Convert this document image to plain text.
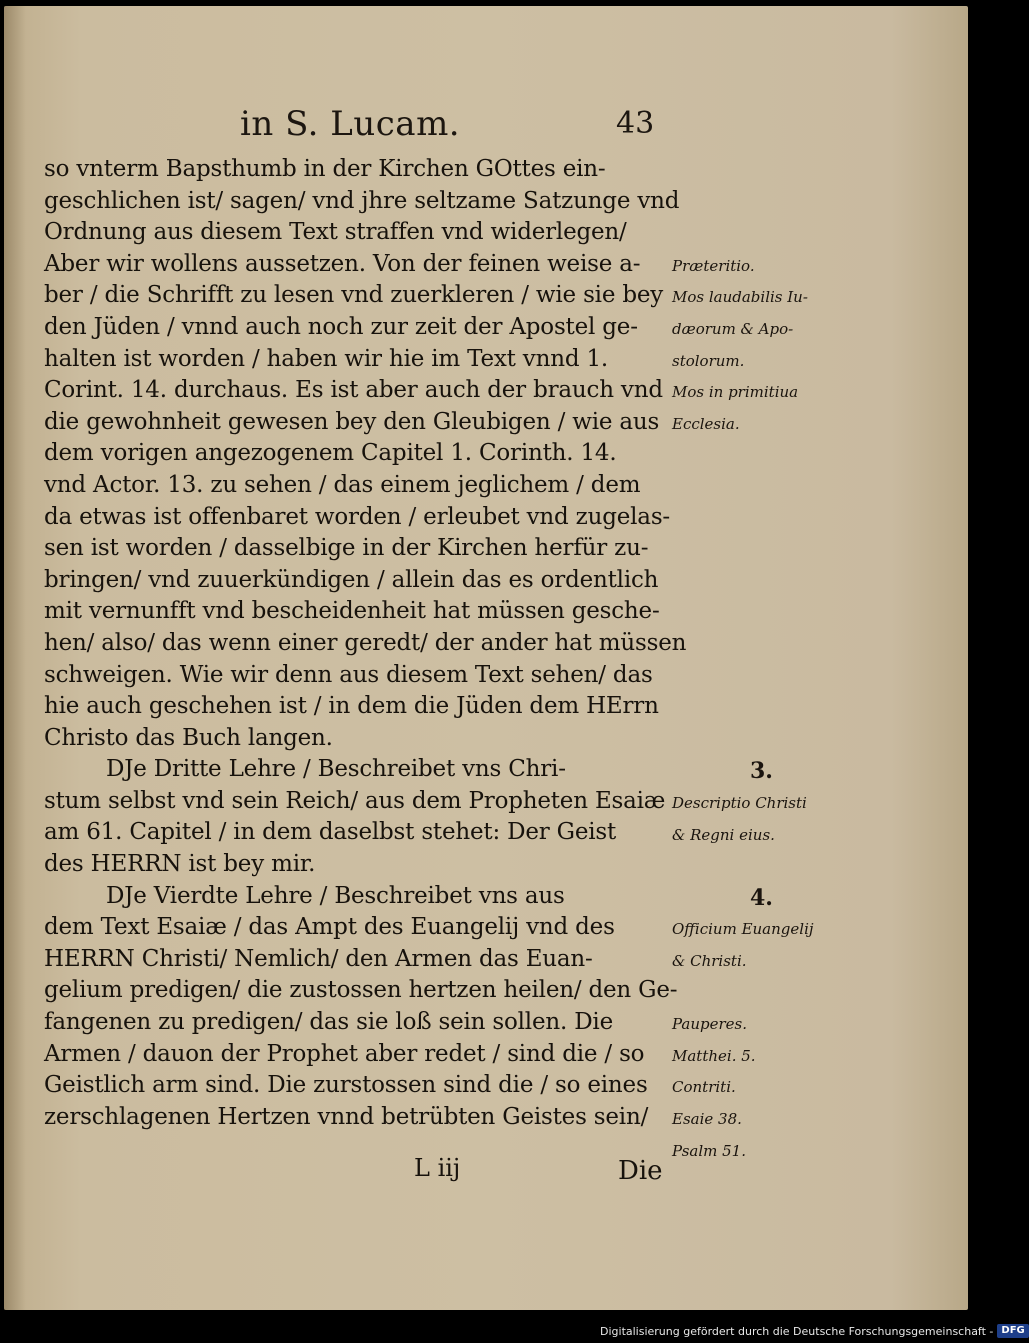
in S. Lucam.	43
so vnterm Bapsthumb in der Kirchen GOttes ein-
geschlichen ist/ sagen/ vnd jhre seltzame Satzunge vnd
Ordnung aus diesem Text straffen vnd widerlegen/
Aber wir wollens aussetzen. Von der feinen weise a-
ber / die Schrifft zu lesen vnd zuerkleren / wie sie bey
den Jüden / vnnd auch noch zur zeit der Apostel ge-
halten ist worden / haben wir hie im Text vnnd 1.
Corint. 14. durchaus. Es ist aber auch der brauch vnd
die gewohnheit gewesen bey den Gleubigen / wie aus
dem vorigen angezogenem Capitel 1. Corinth. 14.
vnd Actor. 13. zu sehen / das einem jeglichem / dem
da etwas ist offenbaret worden / erleubet vnd zugelas-
sen ist worden / dasselbige in der Kirchen herfür zu-
bringen/ vnd zuuerkündigen / allein das es ordentlich
mit vernunfft vnd bescheidenheit hat müssen gesche-
hen/ also/ das wenn einer geredt/ der ander hat müssen
schweigen. Wie wir denn aus diesem Text sehen/ das
hie auch geschehen ist / in dem die Jüden dem HErrn
Christo das Buch langen.
DJe Dritte Lehre / Beschreibet vns Chri-
stum selbst vnd sein Reich/ aus dem Propheten Esaiæ
am 61. Capitel / in dem daselbst stehet: Der Geist
des HERRN ist bey mir.
DJe Vierdte Lehre / Beschreibet vns aus
dem Text Esaiæ / das Ampt des Euangelij vnd des
HERRN Christi/ Nemlich/ den Armen das Euan-
gelium predigen/ die zustossen hertzen heilen/ den Ge-
fangenen zu predigen/ das sie loß sein sollen. Die
Armen / dauon der Prophet aber redet / sind die / so
Geistlich arm sind. Die zurstossen sind die / so eines
zerschlagenen Hertzen vnnd betrübten Geistes sein/
Præteritio.
Mos laudabilis Iu-
dæorum & Apo-
stolorum.
Mos in primitiua
Ecclesia.
3.
Descriptio Christi
& Regni eius.
4.
Officium Euangelij
& Christi.
Pauperes.
Matthei. 5.
Contriti.
Esaie 38.
Psalm 51.
L iij	Die
Digitalisierung gefördert durch die Deutsche Forschungsgemeinschaft - DFG
